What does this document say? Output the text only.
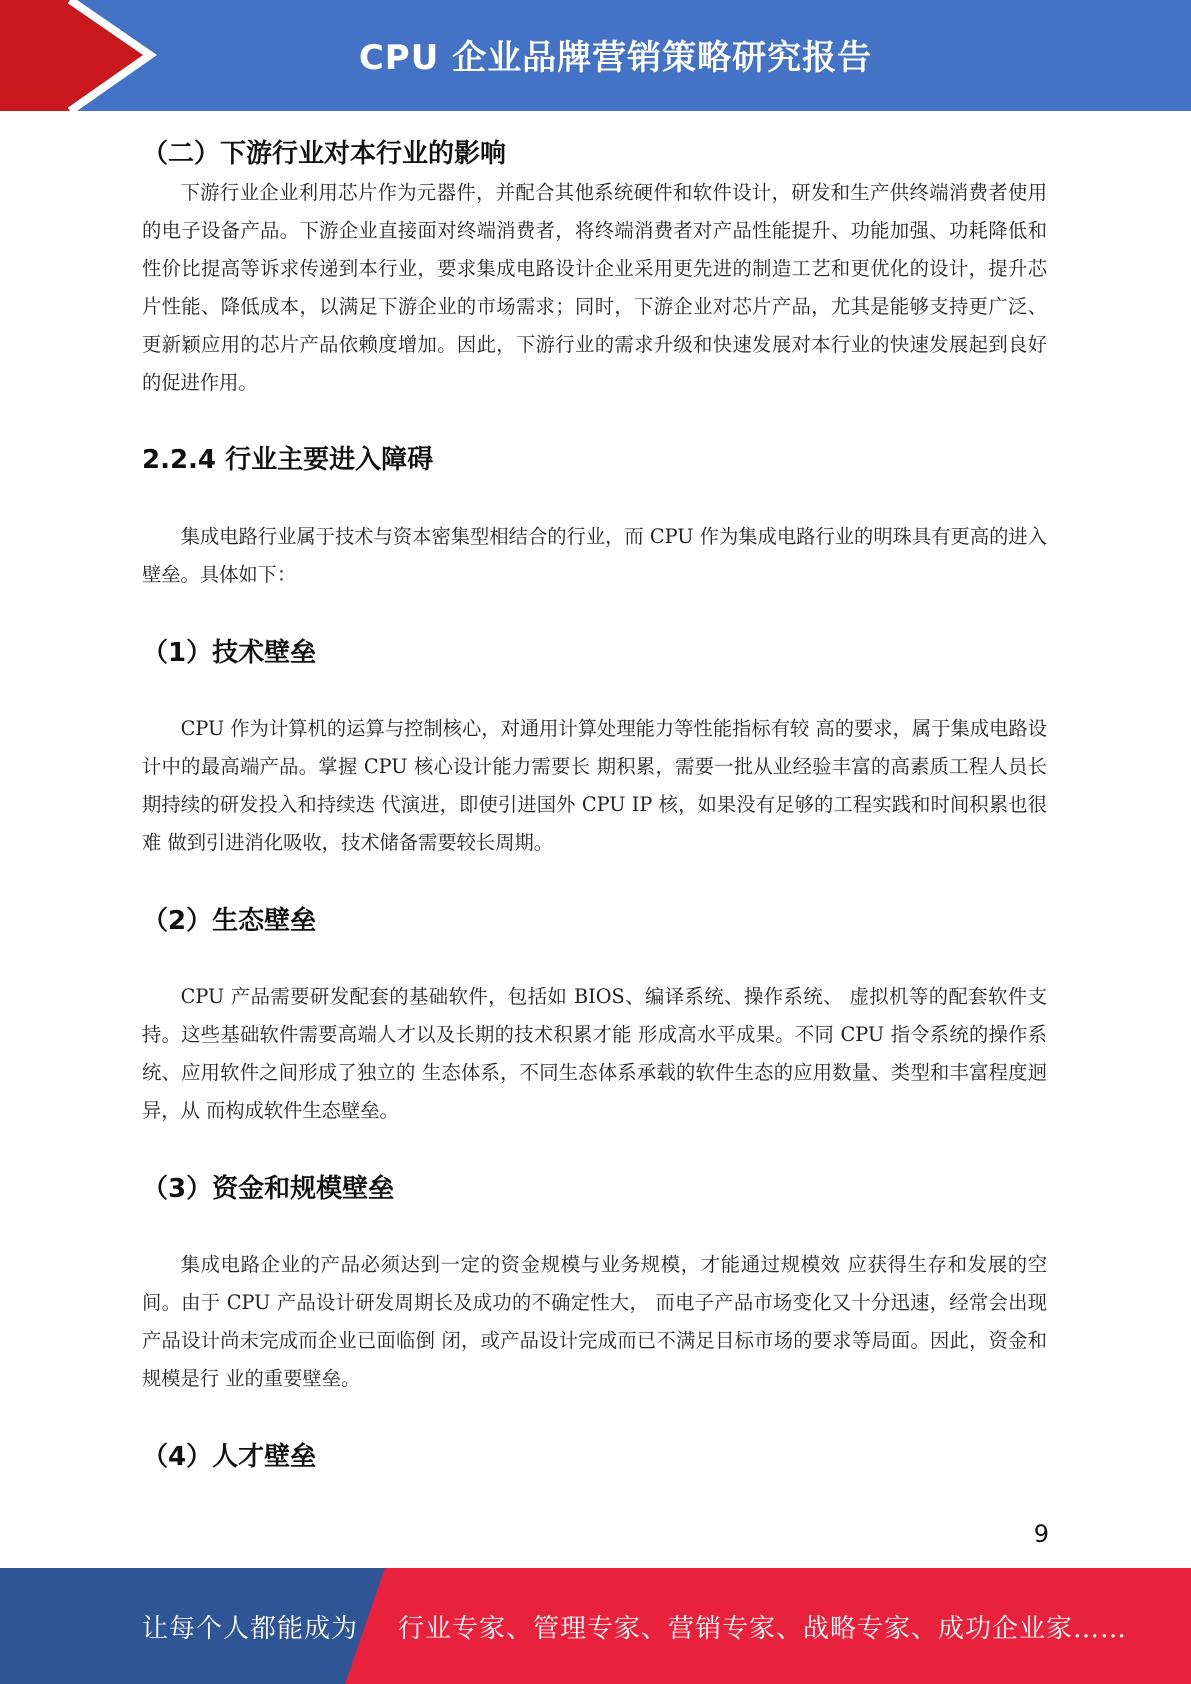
CPU 企业品牌营销策略研究报告
（二）下游行业对本行业的影响

下游行业企业利用芯片作为元器件，并配合其他系统硬件和软件设计，研发和生产供终端消费者使用的电子设备产品。下游企业直接面对终端消费者，将终端消费者对产品性能提升、功能加强、功耗降低和性价比提高等诉求传递到本行业，要求集成电路设计企业采用更先进的制造工艺和更优化的设计，提升芯片性能、降低成本，以满足下游企业的市场需求；同时，下游企业对芯片产品，尤其是能够支持更广泛、更新颖应用的芯片产品依赖度增加。因此，下游行业的需求升级和快速发展对本行业的快速发展起到良好的促进作用。

2.2.4 行业主要进入障碍

集成电路行业属于技术与资本密集型相结合的行业，而 CPU 作为集成电路行业的明珠具有更高的进入壁垒。具体如下：

（1）技术壁垒

CPU 作为计算机的运算与控制核心，对通用计算处理能力等性能指标有较 高的要求，属于集成电路设计中的最高端产品。掌握 CPU 核心设计能力需要长 期积累，需要一批从业经验丰富的高素质工程人员长期持续的研发投入和持续迭 代演进，即使引进国外 CPU IP 核，如果没有足够的工程实践和时间积累也很难 做到引进消化吸收，技术储备需要较长周期。

（2）生态壁垒

CPU 产品需要研发配套的基础软件，包括如 BIOS、编译系统、操作系统、 虚拟机等的配套软件支持。这些基础软件需要高端人才以及长期的技术积累才能 形成高水平成果。不同 CPU 指令系统的操作系统、应用软件之间形成了独立的 生态体系，不同生态体系承载的软件生态的应用数量、类型和丰富程度迥异，从 而构成软件生态壁垒。

（3）资金和规模壁垒

集成电路企业的产品必须达到一定的资金规模与业务规模，才能通过规模效 应获得生存和发展的空间。由于 CPU 产品设计研发周期长及成功的不确定性大， 而电子产品市场变化又十分迅速，经常会出现产品设计尚未完成而企业已面临倒 闭，或产品设计完成而已不满足目标市场的要求等局面。因此，资金和规模是行 业的重要壁垒。

（4）人才壁垒
9
让每个人都能成为 行业专家、管理专家、营销专家、战略专家、成功企业家……
